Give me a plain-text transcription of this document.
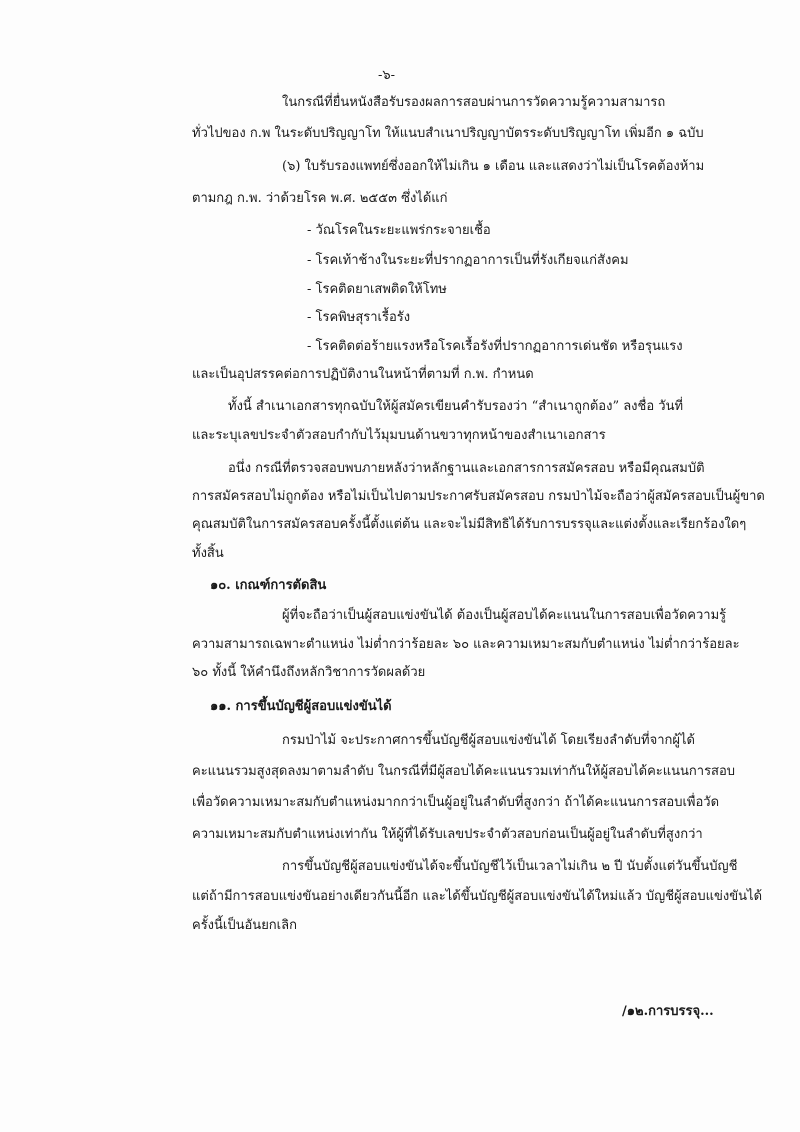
-๖-
ในกรณีที่ยื่นหนังสือรับรองผลการสอบผ่านการวัดความรู้ความสามารถ
ทั่วไปของ ก.พ ในระดับปริญญาโท ให้แนบสำเนาปริญญาบัตรระดับปริญญาโท เพิ่มอีก ๑ ฉบับ
(๖) ใบรับรองแพทย์ซึ่งออกให้ไม่เกิน ๑ เดือน และแสดงว่าไม่เป็นโรคต้องห้าม
ตามกฎ ก.พ. ว่าด้วยโรค พ.ศ. ๒๕๕๓ ซึ่งได้แก่
- วัณโรคในระยะแพร่กระจายเชื้อ
- โรคเท้าช้างในระยะที่ปรากฏอาการเป็นที่รังเกียจแก่สังคม
- โรคติดยาเสพติดให้โทษ
- โรคพิษสุราเรื้อรัง
- โรคติดต่อร้ายแรงหรือโรคเรื้อรังที่ปรากฏอาการเด่นชัด หรือรุนแรง
และเป็นอุปสรรคต่อการปฏิบัติงานในหน้าที่ตามที่ ก.พ. กำหนด
ทั้งนี้ สำเนาเอกสารทุกฉบับให้ผู้สมัครเขียนคำรับรองว่า “สำเนาถูกต้อง” ลงชื่อ วันที่
และระบุเลขประจำตัวสอบกำกับไว้มุมบนด้านขวาทุกหน้าของสำเนาเอกสาร
อนึ่ง กรณีที่ตรวจสอบพบภายหลังว่าหลักฐานและเอกสารการสมัครสอบ หรือมีคุณสมบัติ
การสมัครสอบไม่ถูกต้อง หรือไม่เป็นไปตามประกาศรับสมัครสอบ กรมป่าไม้จะถือว่าผู้สมัครสอบเป็นผู้ขาด
คุณสมบัติในการสมัครสอบครั้งนี้ตั้งแต่ต้น และจะไม่มีสิทธิได้รับการบรรจุและแต่งตั้งและเรียกร้องใดๆ
ทั้งสิ้น
๑๐. เกณฑ์การตัดสิน
ผู้ที่จะถือว่าเป็นผู้สอบแข่งขันได้ ต้องเป็นผู้สอบได้คะแนนในการสอบเพื่อวัดความรู้
ความสามารถเฉพาะตำแหน่ง ไม่ต่ำกว่าร้อยละ ๖๐ และความเหมาะสมกับตำแหน่ง ไม่ต่ำกว่าร้อยละ
๖๐ ทั้งนี้ ให้คำนึงถึงหลักวิชาการวัดผลด้วย
๑๑. การขึ้นบัญชีผู้สอบแข่งขันได้
กรมป่าไม้ จะประกาศการขึ้นบัญชีผู้สอบแข่งขันได้ โดยเรียงลำดับที่จากผู้ได้
คะแนนรวมสูงสุดลงมาตามลำดับ ในกรณีที่มีผู้สอบได้คะแนนรวมเท่ากันให้ผู้สอบได้คะแนนการสอบ
เพื่อวัดความเหมาะสมกับตำแหน่งมากกว่าเป็นผู้อยู่ในลำดับที่สูงกว่า ถ้าได้คะแนนการสอบเพื่อวัด
ความเหมาะสมกับตำแหน่งเท่ากัน ให้ผู้ที่ได้รับเลขประจำตัวสอบก่อนเป็นผู้อยู่ในลำดับที่สูงกว่า
การขึ้นบัญชีผู้สอบแข่งขันได้จะขึ้นบัญชีไว้เป็นเวลาไม่เกิน ๒ ปี นับตั้งแต่วันขึ้นบัญชี
แต่ถ้ามีการสอบแข่งขันอย่างเดียวกันนี้อีก และได้ขึ้นบัญชีผู้สอบแข่งขันได้ใหม่แล้ว บัญชีผู้สอบแข่งขันได้
ครั้งนี้เป็นอันยกเลิก
/๑๒.การบรรจุ...
